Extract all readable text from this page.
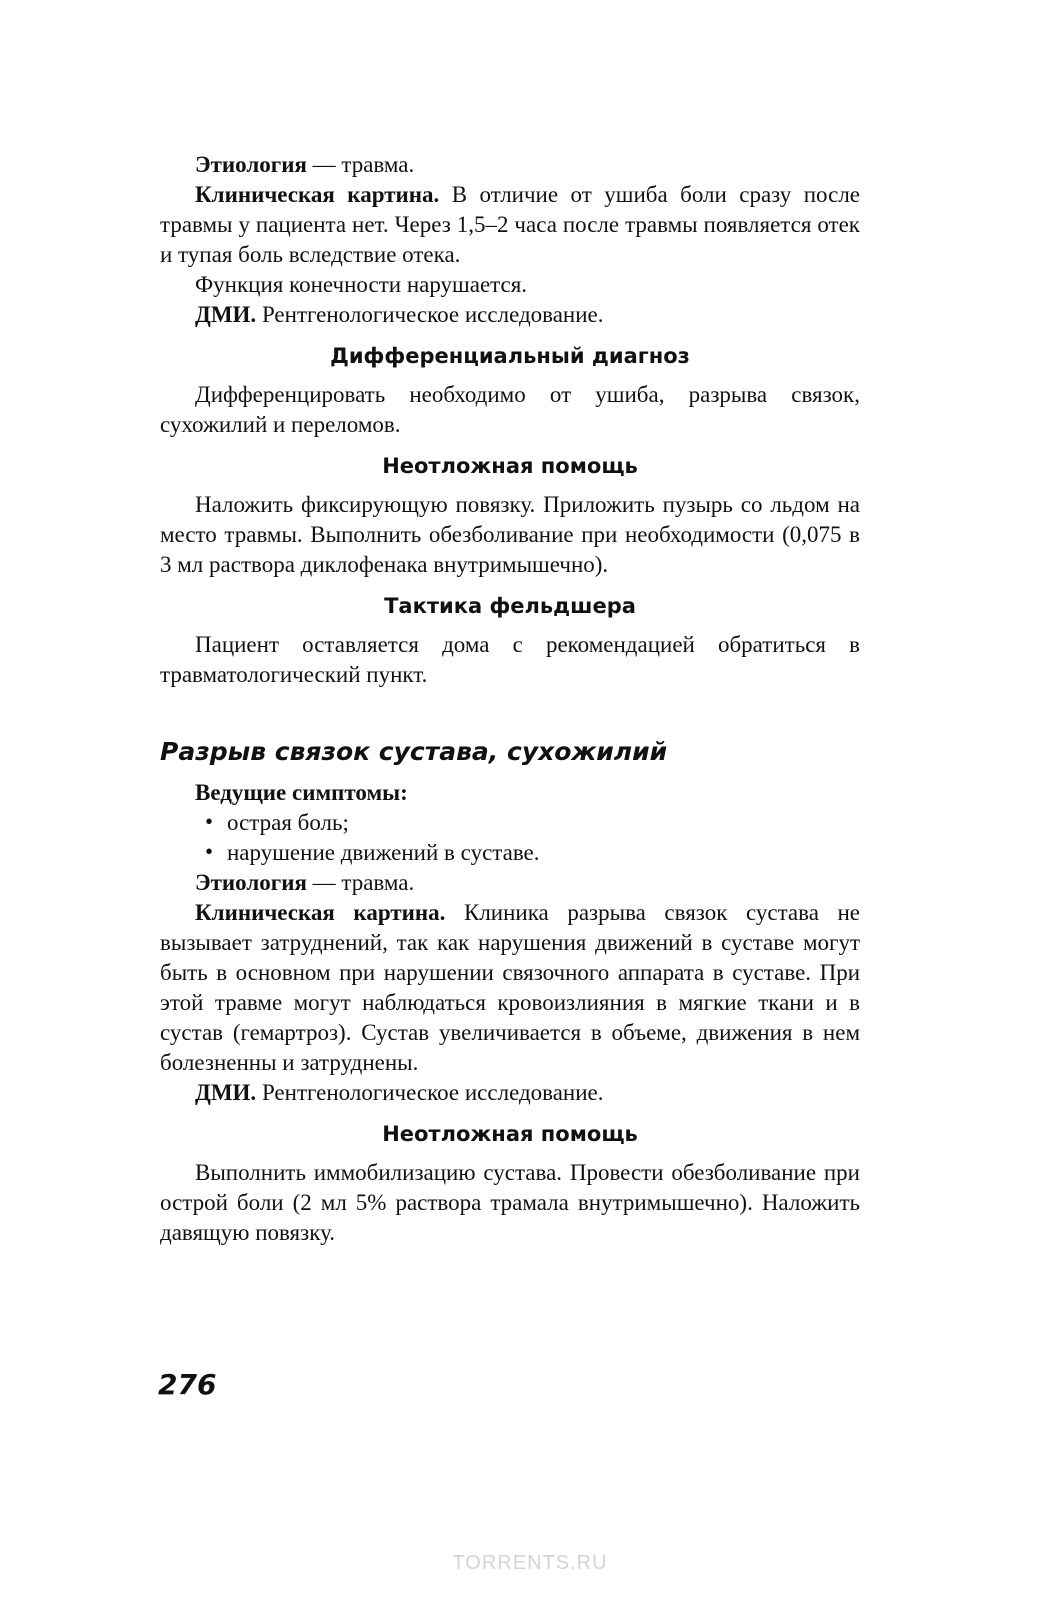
Этиология — травма.

Клиническая картина. В отличие от ушиба боли сразу после травмы у пациента нет. Через 1,5–2 часа после травмы появляется отек и тупая боль вследствие отека.

Функция конечности нарушается.

ДМИ. Рентгенологическое исследование.

Дифференциальный диагноз

Дифференцировать необходимо от ушиба, разрыва связок, сухожилий и переломов.

Неотложная помощь

Наложить фиксирующую повязку. Приложить пузырь со льдом на место травмы. Выполнить обезболивание при необходимости (0,075 в 3 мл раствора диклофенака внутримышечно).

Тактика фельдшера

Пациент оставляется дома с рекомендацией обратиться в травматологический пункт.

Разрыв связок сустава, сухожилий

Ведущие симптомы:

• острая боль;
• нарушение движений в суставе.

Этиология — травма.

Клиническая картина. Клиника разрыва связок сустава не вызывает затруднений, так как нарушения движений в суставе могут быть в основном при нарушении связочного аппарата в суставе. При этой травме могут наблюдаться кровоизлияния в мягкие ткани и в сустав (гемартроз). Сустав увеличивается в объеме, движения в нем болезненны и затруднены.

ДМИ. Рентгенологическое исследование.

Неотложная помощь

Выполнить иммобилизацию сустава. Провести обезболивание при острой боли (2 мл 5% раствора трамала внутримышечно). Наложить давящую повязку.

276
TORRENTS.RU
